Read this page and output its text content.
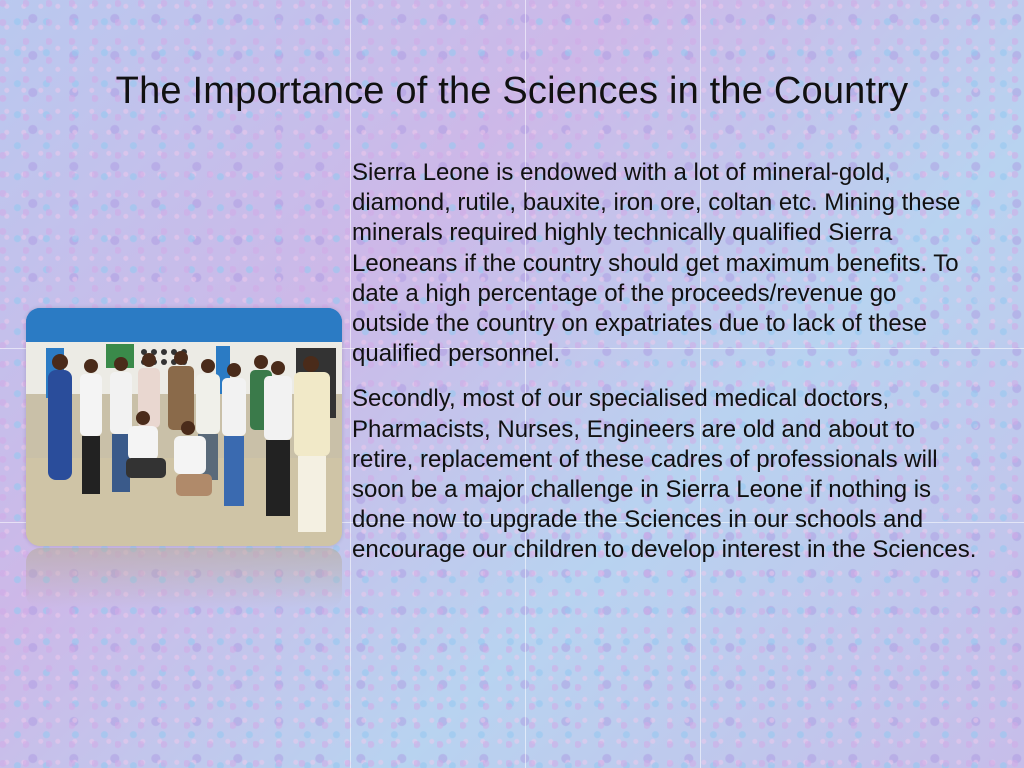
The Importance of the Sciences in the Country

Sierra Leone is endowed with a lot of mineral-gold, diamond, rutile, bauxite, iron ore, coltan etc. Mining these minerals required highly technically qualified Sierra Leoneans if the country should get maximum benefits. To date a high percentage of the proceeds/revenue go outside the country on expatriates due to lack of these qualified personnel.

Secondly, most of our specialised medical doctors, Pharmacists, Nurses, Engineers are old and about to retire, replacement of these cadres of professionals will soon be a major challenge in Sierra Leone if nothing is done now to upgrade the Sciences in our schools and encourage our children to develop interest in the Sciences.
